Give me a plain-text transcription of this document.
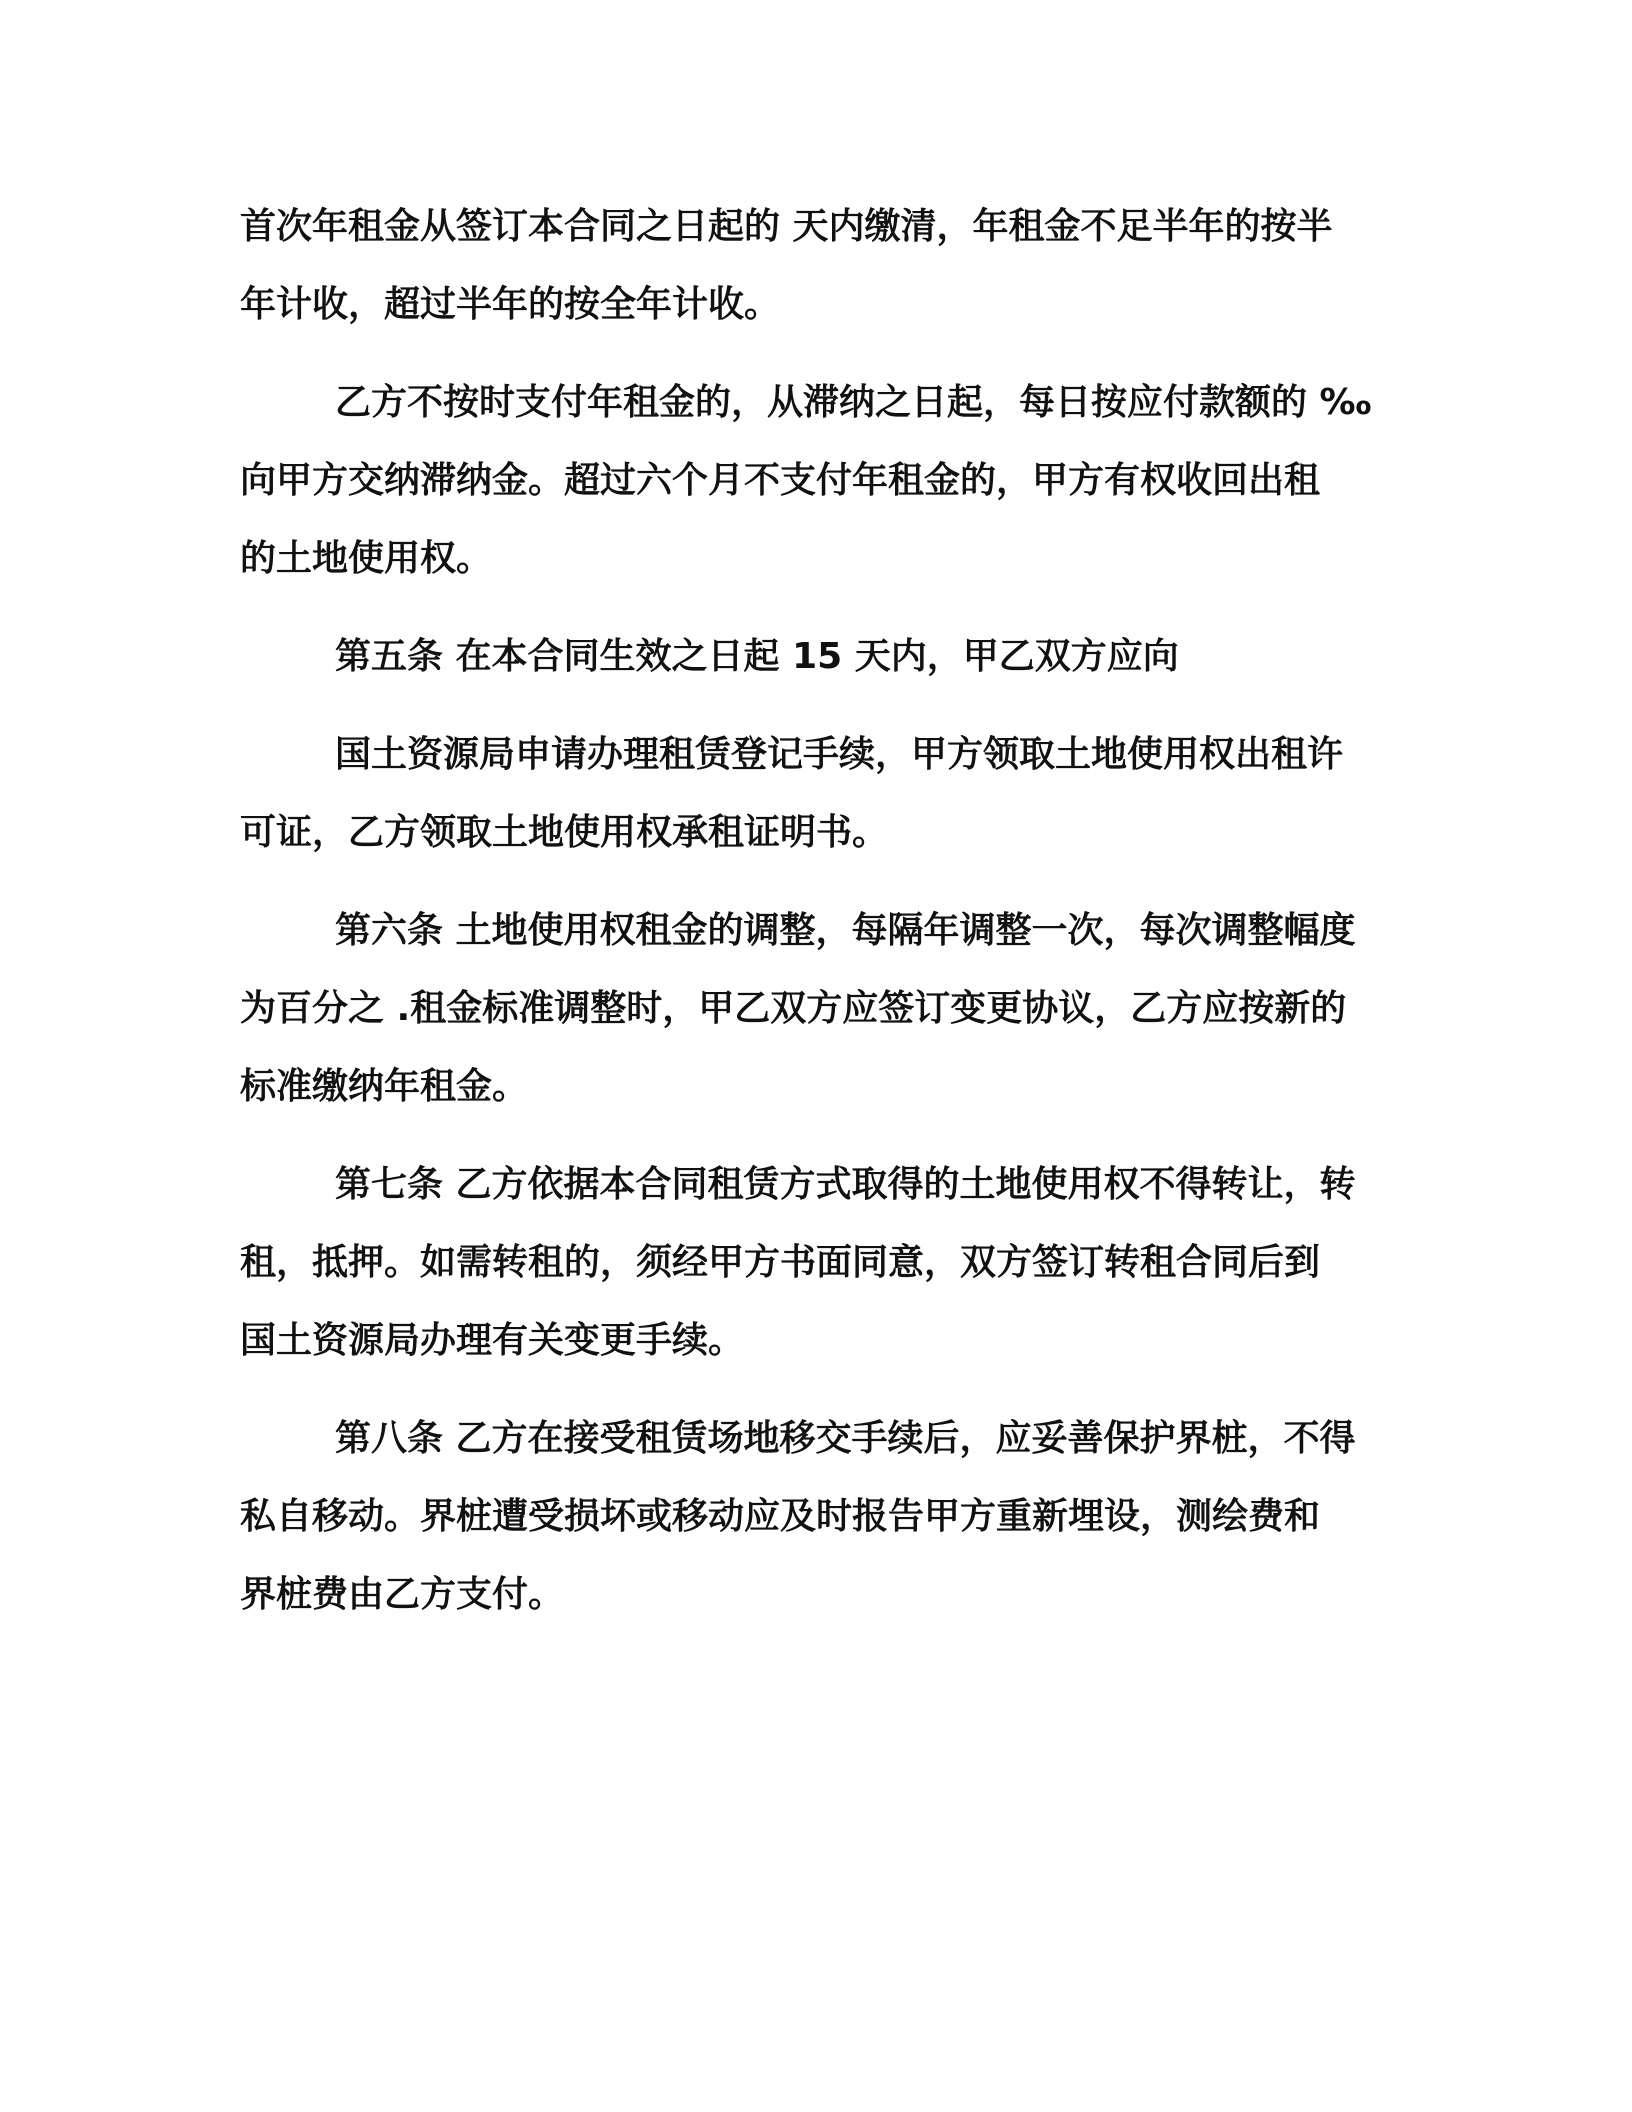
首次年租金从签订本合同之日起的 天内缴清，年租金不足半年的按半
年计收，超过半年的按全年计收。
乙方不按时支付年租金的，从滞纳之日起，每日按应付款额的 ‰
向甲方交纳滞纳金。超过六个月不支付年租金的，甲方有权收回出租
的土地使用权。
第五条 在本合同生效之日起 15 天内，甲乙双方应向
国土资源局申请办理租赁登记手续，甲方领取土地使用权出租许
可证，乙方领取土地使用权承租证明书。
第六条 土地使用权租金的调整，每隔年调整一次，每次调整幅度
为百分之 .租金标准调整时，甲乙双方应签订变更协议，乙方应按新的
标准缴纳年租金。
第七条 乙方依据本合同租赁方式取得的土地使用权不得转让，转
租，抵押。如需转租的，须经甲方书面同意，双方签订转租合同后到
国土资源局办理有关变更手续。
第八条 乙方在接受租赁场地移交手续后，应妥善保护界桩，不得
私自移动。界桩遭受损坏或移动应及时报告甲方重新埋设，测绘费和
界桩费由乙方支付。
